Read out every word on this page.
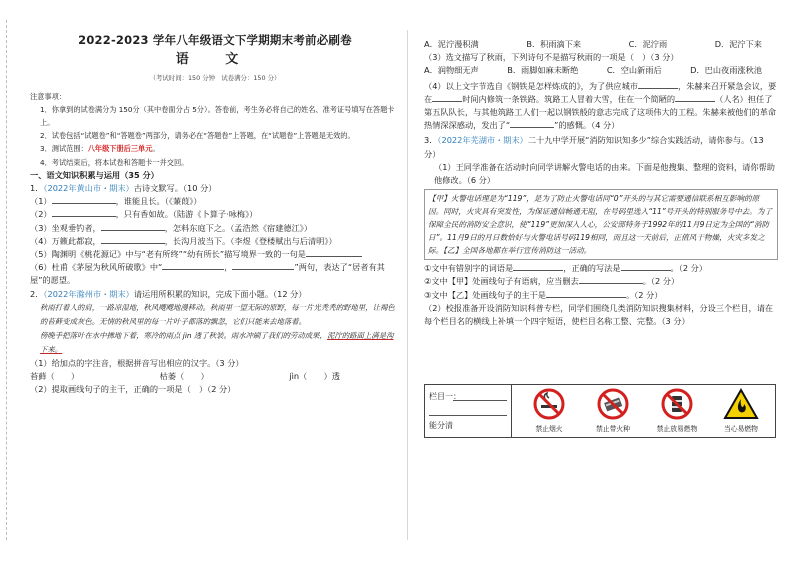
2022-2023 学年八年级语文下学期期末考前必刷卷

语 文

（考试时间：150 分钟　试卷满分：150 分）

注意事项：

1．你拿到的试卷满分为 150分（其中卷面分占 5分）。答卷前，考生务必将自己的姓名、准考证号填写在答题卡上。

2．试卷包括“试题卷”和“答题卷”两部分，请务必在“答题卷”上答题，在“试题卷”上答题是无效的。

3．测试范围：八年级下册后三单元。

4．考试结束后，将本试卷和答题卡一并交回。

一、语文知识积累与运用（35 分）

1．（2022年黄山市・期末）古诗文默写。（10 分）

（1）	，谁能且长。（《蒹葭》）

（2）	，只有香如故。（陆游《卜算子·咏梅》）

（3）坐观垂钓者，	，怎料东庭下之。（孟浩然《宿建德江》）

（4）万籁此都寂，	，长沟月波当下。（李煜《登楼赋出与后清明》）

（5）陶渊明《桃花源记》中与“老有所终”“幼有所长”描写境界一致的一句是

（6）杜甫《茅屋为秋风所破歌》中“	，	”两句，表达了“居者有其屋”的愿望。

2．（2022年滁州市・期末）请运用所积累的知识，完成下面小题。（12 分）

秋雨打着人的肩，一路凉湿地，秋风飕飕地漫移动。秋雨里一望无际的原野，每一片光秃秃的野地里，让褐色的苔藓变成灰色。无情的秋风里的每一片叶子都落的飘忽，它们只能来去地落着。

傍晚手把落叶在水中拂地下着，寒冷的雨点 jìn 透了秋装。雨水冲刷了我们的劳动成果，泥泞的路面上满是沟下来。

（1）给加点的字注音，根据拼音写出相应的汉字。（3 分）

苔藓（　　）	枯萎（　　）	jìn（　　）透

（2）提取画线句子的主干，正确的一项是（　）（2 分）

A．泥泞漫积满	B．积雨滴下来	C．泥泞雨	D．泥泞下来

（3）选文描写了秋雨，下列诗句不是描写秋雨的一项是（　）（3 分）

A．润物细无声	B．雨脚如麻未断绝	C．空山新雨后	D．巴山夜雨涨秋池

（4）以上文字节选自《钢铁是怎样炼成的》，为了供应城市	，朱赫来召开紧急会议，要在	时间内修筑一条铁路。筑路工人冒着大雪，住在一个简陋的	（人名）担任了第五队队长，与其他筑路工人们一起以钢铁般的意志完成了这项伟大的工程。朱赫来被他们的革命热情深深感动，发出了“	”的感慨。（4 分）

3．（2022年芜湖市・期末）二十九中学开展“消防知识知多少”综合实践活动，请你参与。（13 分）

（1）王同学准备在活动时向同学讲解火警电话的由来。下面是他搜集、整理的资料，请你帮助他修改。（6 分）

【甲】火警电话理是为“119”，是为了防止火警电话同“0”开头的与其它需要通信联系相互影响的原因。同时，火灾具有突发性，为保证通信畅通无阻，在号码里选入“11”号开头的特别服务号中去。为了保障全民的消防安全意识，使“119”更加深入人心，公安部特务于1992年的11月9日定为全国的“消防日”。11月9日的月日数恰好与火警电话号码119相同，而且这一天前后，正值风干物燥，火灾多发之际。【乙】全国各地都在举行宣传消防这一活动。

①文中有错别字的词语是	，正确的写法是	。（2 分）

②文中【甲】处画线句子有语病，应当删去	。（2 分）

③文中【乙】处画线句子的主干是	。（2 分）

（2）校报准备开设消防知识科普专栏，同学们围绕几类消防知识搜集材料，分设三个栏目，请在每个栏目名的横线上补填一个四字短语，使栏目名称工整、完整。（3 分）

栏目一：
能分清	禁止烟火	禁止带火种	禁止放易燃物	当心易燃物
